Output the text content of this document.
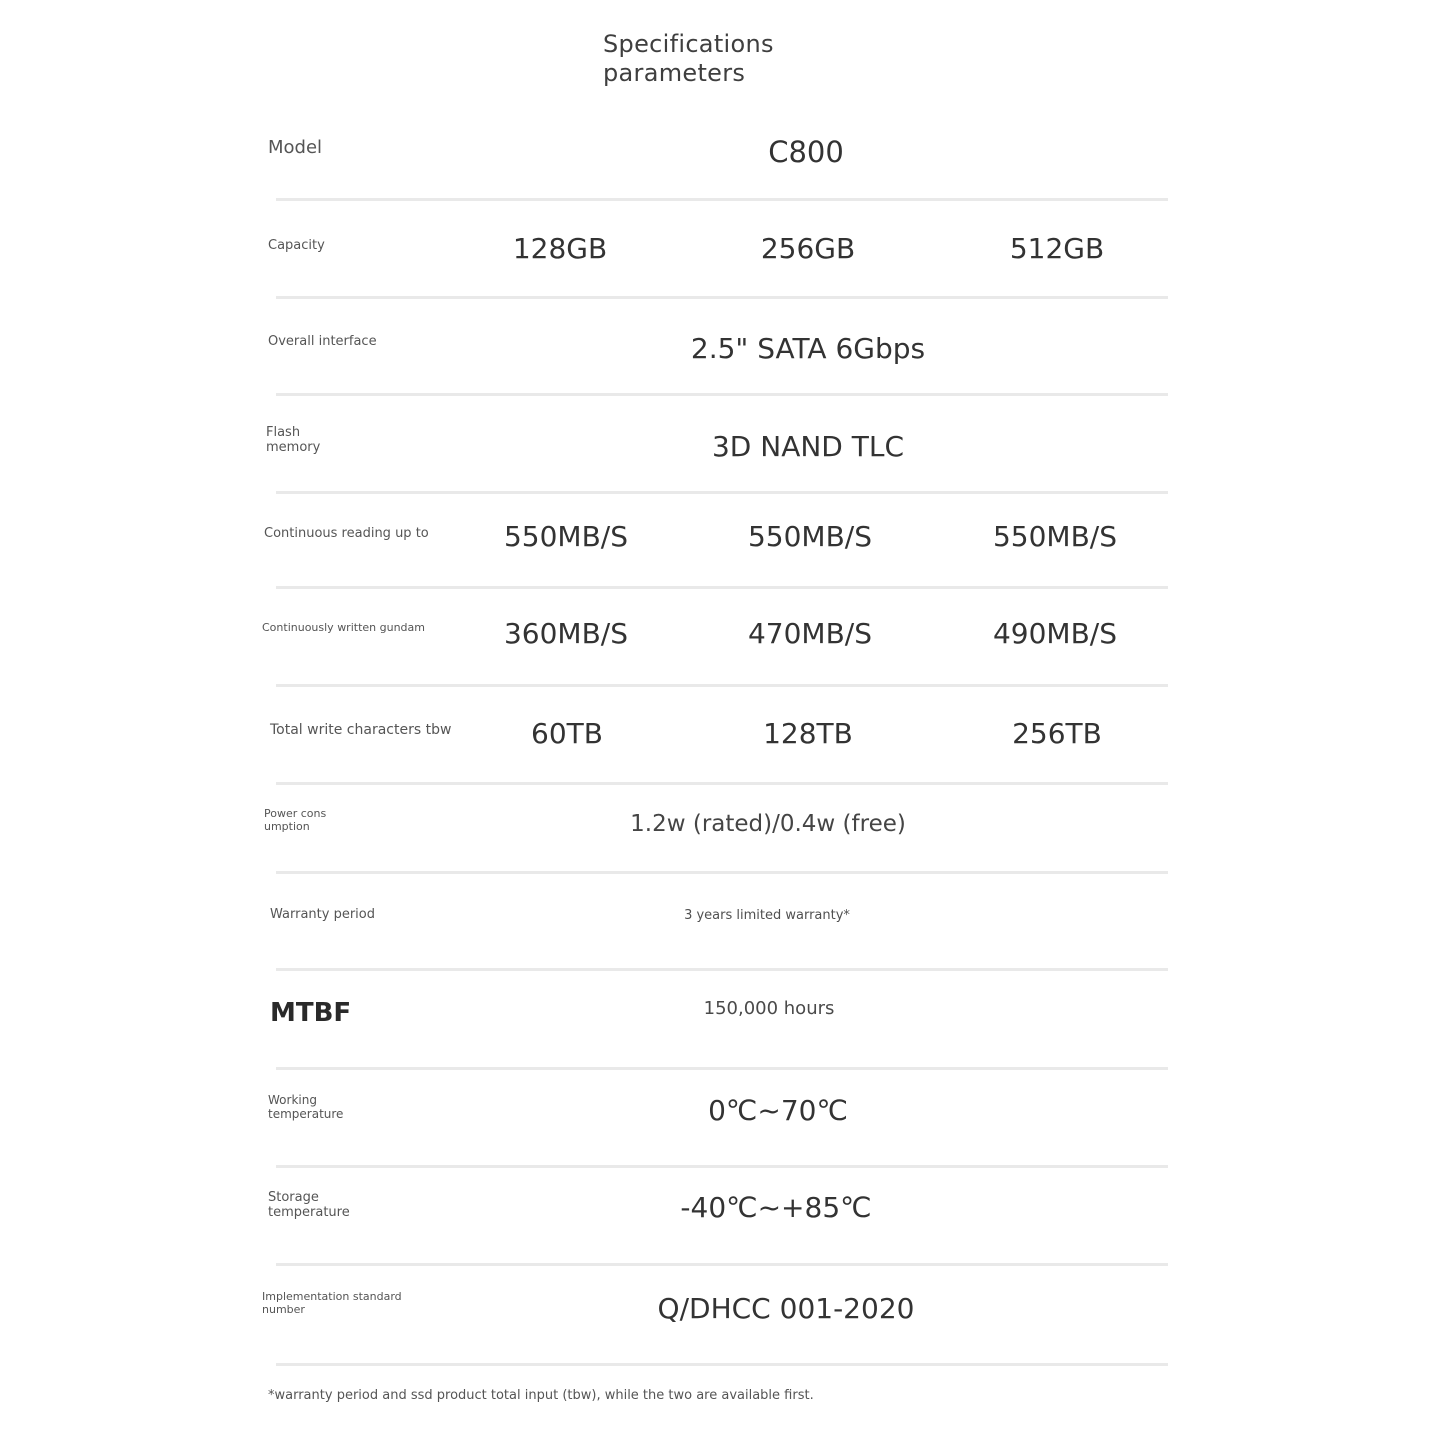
Specifications
parameters
Model	C800
Capacity	128GB	256GB	512GB
Overall interface	2.5" SATA 6Gbps
Flash
memory	3D NAND TLC
Continuous reading up to	550MB/S	550MB/S	550MB/S
Continuously written gundam	360MB/S	470MB/S	490MB/S
Total write characters tbw	60TB	128TB	256TB
Power cons
umption	1.2w (rated)/0.4w (free)
Warranty period	3 years limited warranty*
MTBF	150,000 hours
Working
temperature	0℃~70℃
Storage
temperature	-40℃~+85℃
Implementation standard
number	Q/DHCC 001-2020
*warranty period and ssd product total input (tbw), while the two are available first.
